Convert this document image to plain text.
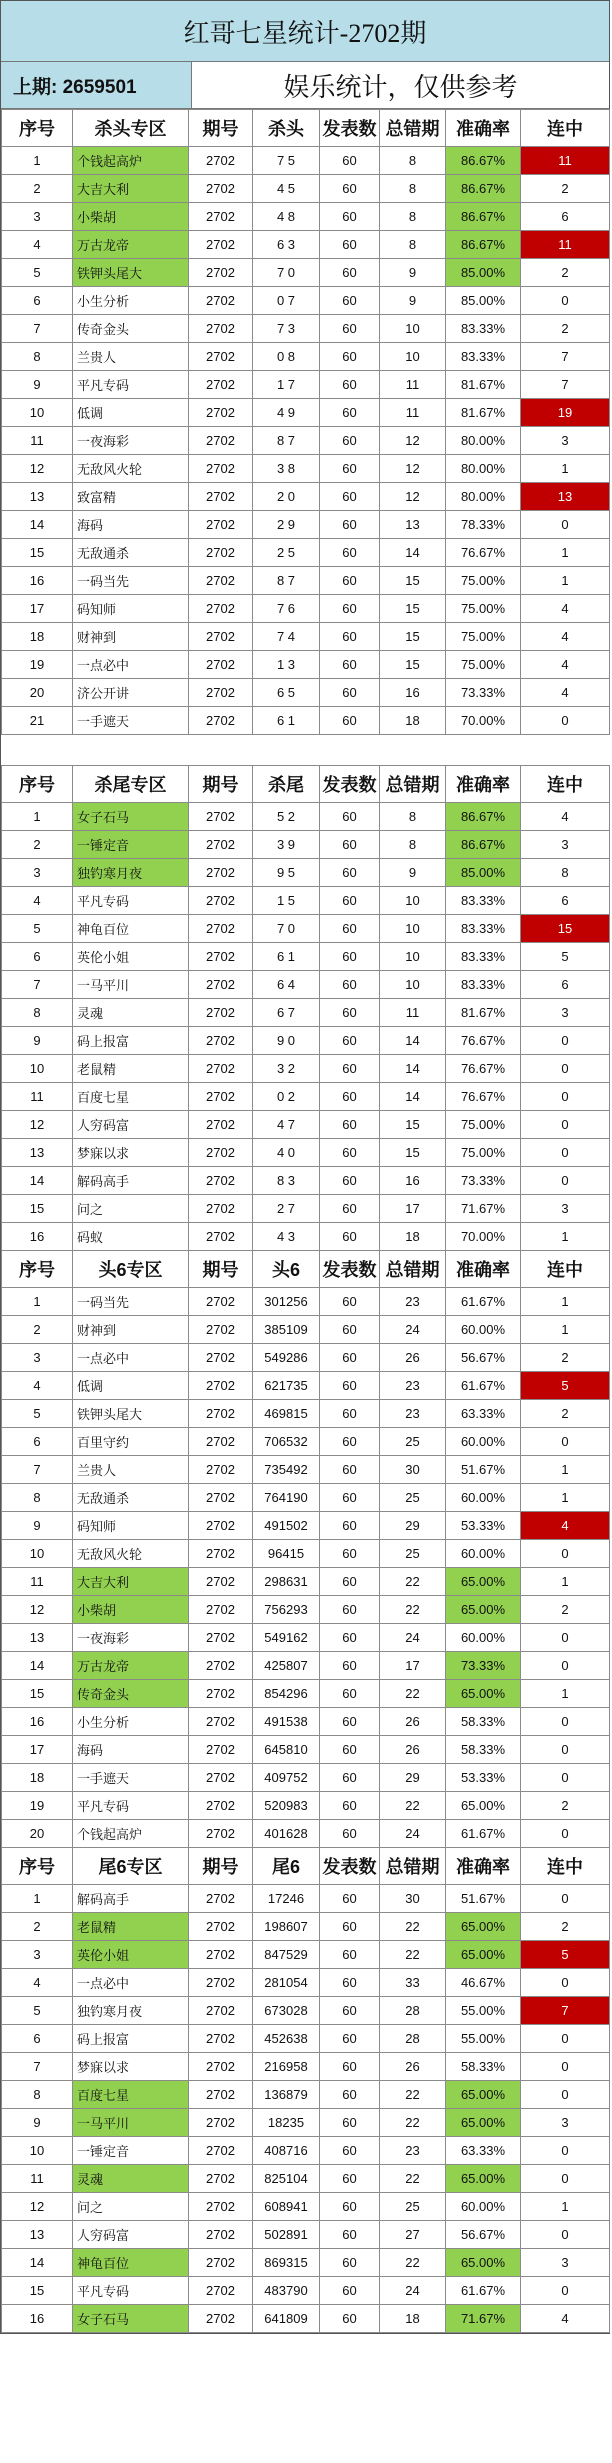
红哥七星统计-2702期
上期: 2659501	娱乐统计，仅供参考
序号	杀头专区	期号	杀头	发表数	总错期	准确率	连中
1	个钱起高炉	2702	7 5	60	8	86.67%	11
2	大吉大利	2702	4 5	60	8	86.67%	2
3	小柴胡	2702	4 8	60	8	86.67%	6
4	万古龙帝	2702	6 3	60	8	86.67%	11
5	铁钾头尾大	2702	7 0	60	9	85.00%	2
6	小生分析	2702	0 7	60	9	85.00%	0
7	传奇金头	2702	7 3	60	10	83.33%	2
8	兰贵人	2702	0 8	60	10	83.33%	7
9	平凡专码	2702	1 7	60	11	81.67%	7
10	低调	2702	4 9	60	11	81.67%	19
11	一夜海彩	2702	8 7	60	12	80.00%	3
12	无敌风火轮	2702	3 8	60	12	80.00%	1
13	致富精	2702	2 0	60	12	80.00%	13
14	海码	2702	2 9	60	13	78.33%	0
15	无敌通杀	2702	2 5	60	14	76.67%	1
16	一码当先	2702	8 7	60	15	75.00%	1
17	码知师	2702	7 6	60	15	75.00%	4
18	财神到	2702	7 4	60	15	75.00%	4
19	一点必中	2702	1 3	60	15	75.00%	4
20	济公开讲	2702	6 5	60	16	73.33%	4
21	一手遮天	2702	6 1	60	18	70.00%	0

序号	杀尾专区	期号	杀尾	发表数	总错期	准确率	连中
1	女子石马	2702	5 2	60	8	86.67%	4
2	一锤定音	2702	3 9	60	8	86.67%	3
3	独钓寒月夜	2702	9 5	60	9	85.00%	8
4	平凡专码	2702	1 5	60	10	83.33%	6
5	神龟百位	2702	7 0	60	10	83.33%	15
6	英伦小姐	2702	6 1	60	10	83.33%	5
7	一马平川	2702	6 4	60	10	83.33%	6
8	灵魂	2702	6 7	60	11	81.67%	3
9	码上报富	2702	9 0	60	14	76.67%	0
10	老鼠精	2702	3 2	60	14	76.67%	0
11	百度七星	2702	0 2	60	14	76.67%	0
12	人穷码富	2702	4 7	60	15	75.00%	0
13	梦寐以求	2702	4 0	60	15	75.00%	0
14	解码高手	2702	8 3	60	16	73.33%	0
15	问之	2702	2 7	60	17	71.67%	3
16	码蚁	2702	4 3	60	18	70.00%	1
序号	头6专区	期号	头6	发表数	总错期	准确率	连中
1	一码当先	2702	301256	60	23	61.67%	1
2	财神到	2702	385109	60	24	60.00%	1
3	一点必中	2702	549286	60	26	56.67%	2
4	低调	2702	621735	60	23	61.67%	5
5	铁钾头尾大	2702	469815	60	23	63.33%	2
6	百里守约	2702	706532	60	25	60.00%	0
7	兰贵人	2702	735492	60	30	51.67%	1
8	无敌通杀	2702	764190	60	25	60.00%	1
9	码知师	2702	491502	60	29	53.33%	4
10	无敌风火轮	2702	96415	60	25	60.00%	0
11	大吉大利	2702	298631	60	22	65.00%	1
12	小柴胡	2702	756293	60	22	65.00%	2
13	一夜海彩	2702	549162	60	24	60.00%	0
14	万古龙帝	2702	425807	60	17	73.33%	0
15	传奇金头	2702	854296	60	22	65.00%	1
16	小生分析	2702	491538	60	26	58.33%	0
17	海码	2702	645810	60	26	58.33%	0
18	一手遮天	2702	409752	60	29	53.33%	0
19	平凡专码	2702	520983	60	22	65.00%	2
20	个钱起高炉	2702	401628	60	24	61.67%	0
序号	尾6专区	期号	尾6	发表数	总错期	准确率	连中
1	解码高手	2702	17246	60	30	51.67%	0
2	老鼠精	2702	198607	60	22	65.00%	2
3	英伦小姐	2702	847529	60	22	65.00%	5
4	一点必中	2702	281054	60	33	46.67%	0
5	独钓寒月夜	2702	673028	60	28	55.00%	7
6	码上报富	2702	452638	60	28	55.00%	0
7	梦寐以求	2702	216958	60	26	58.33%	0
8	百度七星	2702	136879	60	22	65.00%	0
9	一马平川	2702	18235	60	22	65.00%	3
10	一锤定音	2702	408716	60	23	63.33%	0
11	灵魂	2702	825104	60	22	65.00%	0
12	问之	2702	608941	60	25	60.00%	1
13	人穷码富	2702	502891	60	27	56.67%	0
14	神龟百位	2702	869315	60	22	65.00%	3
15	平凡专码	2702	483790	60	24	61.67%	0
16	女子石马	2702	641809	60	18	71.67%	4
